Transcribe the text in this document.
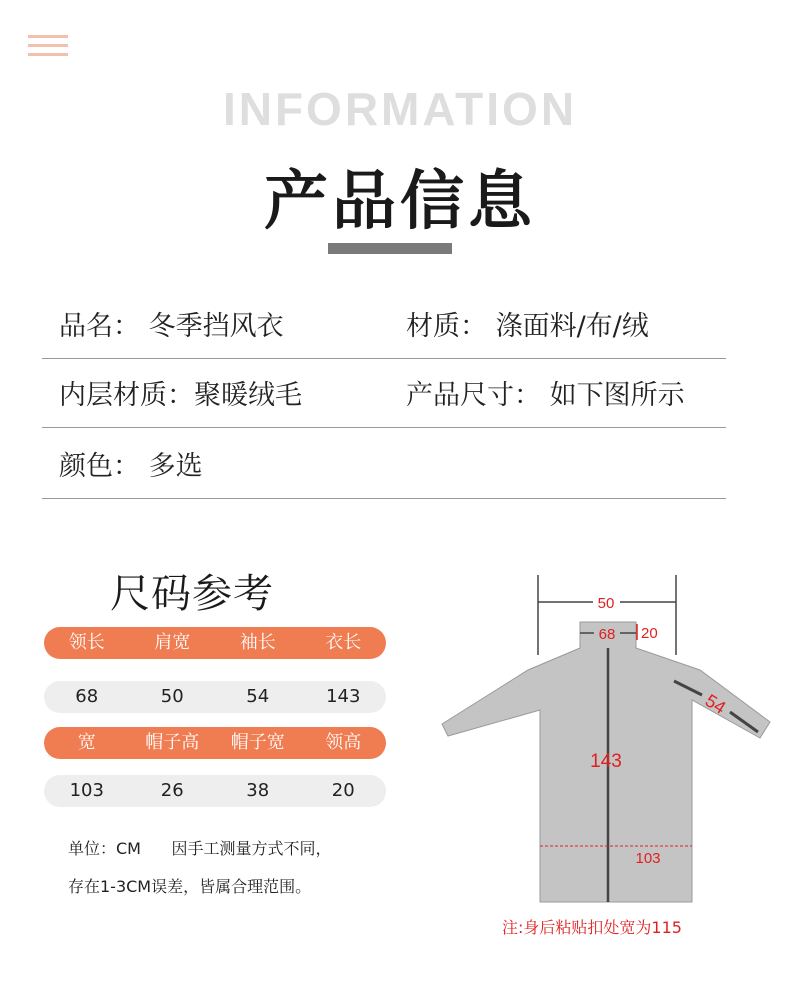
INFORMATION
产品信息
品名： 冬季挡风衣	材质： 涤面料/布/绒
内层材质：聚暖绒毛	产品尺寸： 如下图所示
颜色： 多选
尺码参考
领长	肩宽	袖长	衣长
68	50	54	143
宽	帽子高	帽子宽	领高
103	26	38	20
单位：CM      因手工测量方式不同，
存在1-3CM误差，皆属合理范围。
50
68 20
54
143
103
注:身后粘贴扣处宽为115
